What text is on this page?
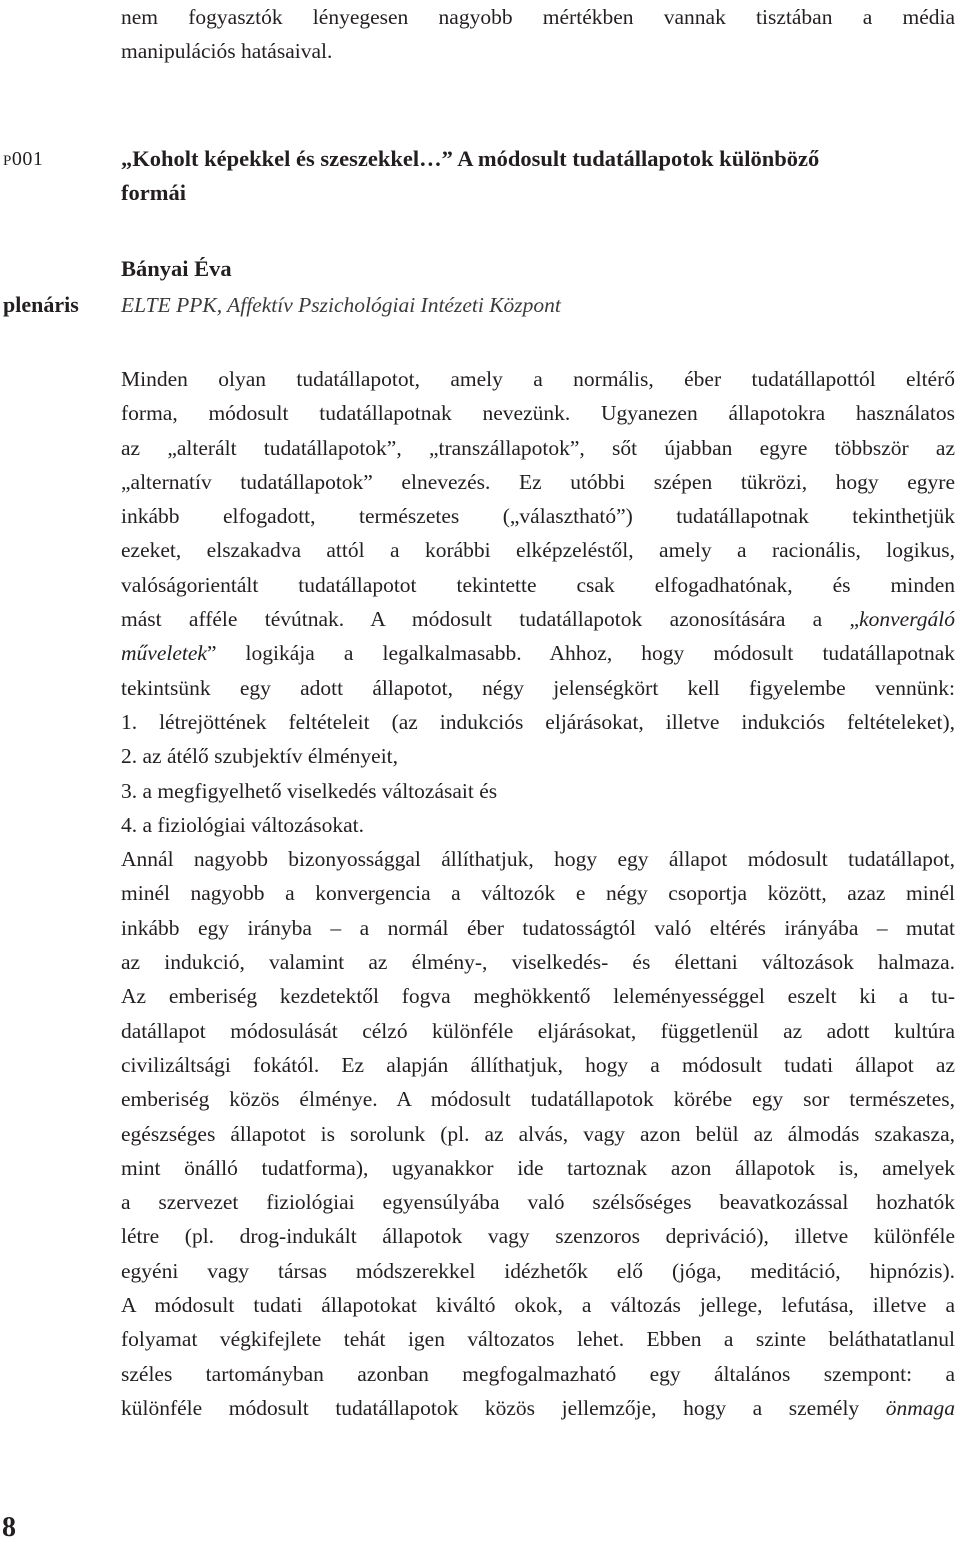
nem fogyasztók lényegesen nagyobb mértékben vannak tisztában a média
manipulációs hatásaival.
P001
plenáris
„Koholt képekkel és szeszekkel…” A módosult tudatállapotok különböző
formái
Bányai Éva
ELTE PPK, Affektív Pszichológiai Intézeti Központ
Minden olyan tudatállapotot, amely a normális, éber tudatállapottól eltérő
forma, módosult tudatállapotnak nevezünk. Ugyanezen állapotokra használatos
az „alterált tudatállapotok”, „transzállapotok”, sőt újabban egyre többször az
„alternatív tudatállapotok” elnevezés. Ez utóbbi szépen tükrözi, hogy egyre
inkább elfogadott, természetes („választható”) tudatállapotnak tekinthetjük
ezeket, elszakadva attól a korábbi elképzeléstől, amely a racionális, logikus,
valóságorientált tudatállapotot tekintette csak elfogadhatónak, és minden
mást afféle tévútnak. A módosult tudatállapotok azonosítására a „konvergáló
műveletek” logikája a legalkalmasabb. Ahhoz, hogy módosult tudatállapotnak
tekintsünk egy adott állapotot, négy jelenségkört kell figyelembe vennünk:
1. létrejöttének feltételeit (az indukciós eljárásokat, illetve indukciós feltételeket),
2. az átélő szubjektív élményeit,
3. a megfigyelhető viselkedés változásait és
4. a fiziológiai változásokat.
Annál nagyobb bizonyossággal állíthatjuk, hogy egy állapot módosult tudatállapot,
minél nagyobb a konvergencia a változók e négy csoportja között, azaz minél
inkább egy irányba – a normál éber tudatosságtól való eltérés irányába – mutat
az indukció, valamint az élmény-, viselkedés- és élettani változások halmaza.
Az emberiség kezdetektől fogva meghökkentő leleményességgel eszelt ki a tu-
datállapot módosulását célzó különféle eljárásokat, függetlenül az adott kultúra
civilizáltsági fokától. Ez alapján állíthatjuk, hogy a módosult tudati állapot az
emberiség közös élménye. A módosult tudatállapotok körébe egy sor természetes,
egészséges állapotot is sorolunk (pl. az alvás, vagy azon belül az álmodás szakasza,
mint önálló tudatforma), ugyanakkor ide tartoznak azon állapotok is, amelyek
a szervezet fiziológiai egyensúlyába való szélsőséges beavatkozással hozhatók
létre (pl. drog-indukált állapotok vagy szenzoros depriváció), illetve különféle
egyéni vagy társas módszerekkel idézhetők elő (jóga, meditáció, hipnózis).
A módosult tudati állapotokat kiváltó okok, a változás jellege, lefutása, illetve a
folyamat végkifejlete tehát igen változatos lehet. Ebben a szinte beláthatatlanul
széles tartományban azonban megfogalmazható egy általános szempont: a
különféle módosult tudatállapotok közös jellemzője, hogy a személy önmaga
8
